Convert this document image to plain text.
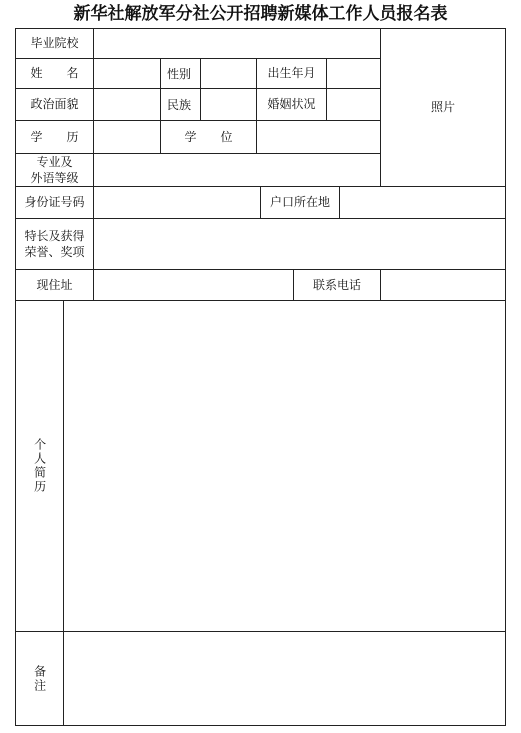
新华社解放军分社公开招聘新媒体工作人员报名表
毕业院校
照片
姓　　名	性别	出生年月
政治面貌	民族	婚姻状况
学　　历	学　　位
专业及
外语等级
身份证号码	户口所在地
特长及获得
荣誉、奖项
现住址	联系电话
个人简历
备注
